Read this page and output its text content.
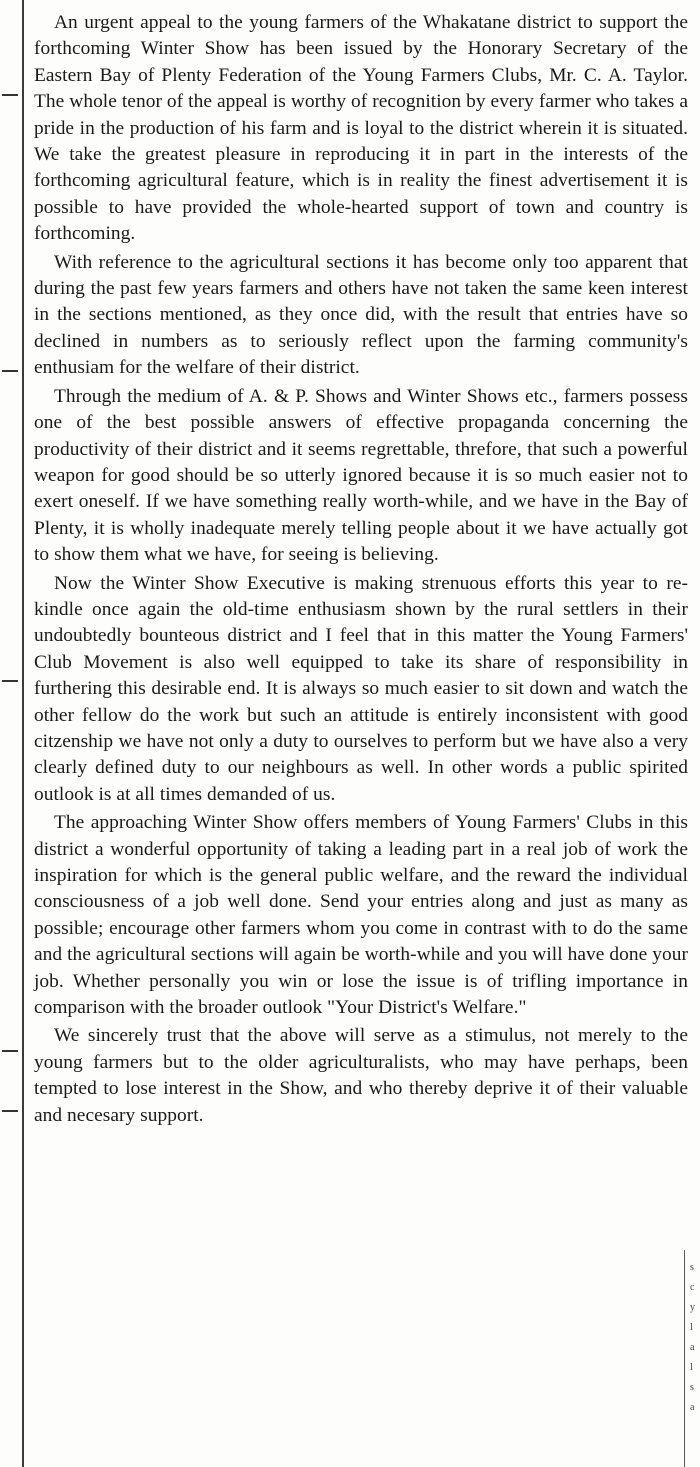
s
c
y
l
a
l
s
a

An urgent appeal to the young farmers of the Whakatane district to support the forthcoming Winter Show has been issued by the Honorary Secretary of the Eastern Bay of Plenty Federation of the Young Farmers Clubs, Mr. C. A. Taylor. The whole tenor of the appeal is worthy of recognition by every farmer who takes a pride in the production of his farm and is loyal to the district wherein it is situated. We take the greatest pleasure in reproducing it in part in the interests of the forthcoming agricultural feature, which is in reality the finest advertisement it is possible to have provided the whole-hearted support of town and country is forthcoming.

With reference to the agricultural sections it has become only too apparent that during the past few years farmers and others have not taken the same keen interest in the sections mentioned, as they once did, with the result that entries have so declined in numbers as to seriously reflect upon the farming community's enthusiam for the welfare of their district.

Through the medium of A. & P. Shows and Winter Shows etc., farmers possess one of the best possible answers of effective propaganda concerning the productivity of their district and it seems regrettable, threfore, that such a powerful weapon for good should be so utterly ignored because it is so much easier not to exert oneself. If we have something really worth-while, and we have in the Bay of Plenty, it is wholly inadequate merely telling people about it we have actually got to show them what we have, for seeing is believing.

Now the Winter Show Executive is making strenuous efforts this year to re-kindle once again the old-time enthusiasm shown by the rural settlers in their undoubtedly bounteous district and I feel that in this matter the Young Farmers' Club Movement is also well equipped to take its share of responsibility in furthering this desirable end. It is always so much easier to sit down and watch the other fellow do the work but such an attitude is entirely inconsistent with good citzenship we have not only a duty to ourselves to perform but we have also a very clearly defined duty to our neighbours as well. In other words a public spirited outlook is at all times demanded of us.

The approaching Winter Show offers members of Young Farmers' Clubs in this district a wonderful opportunity of taking a leading part in a real job of work the inspiration for which is the general public welfare, and the reward the individual consciousness of a job well done. Send your entries along and just as many as possible; encourage other farmers whom you come in contrast with to do the same and the agricultural sections will again be worth-while and you will have done your job. Whether personally you win or lose the issue is of trifling importance in comparison with the broader outlook "Your District's Welfare."

We sincerely trust that the above will serve as a stimulus, not merely to the young farmers but to the older agriculturalists, who may have perhaps, been tempted to lose interest in the Show, and who thereby deprive it of their valuable and necesary support.
